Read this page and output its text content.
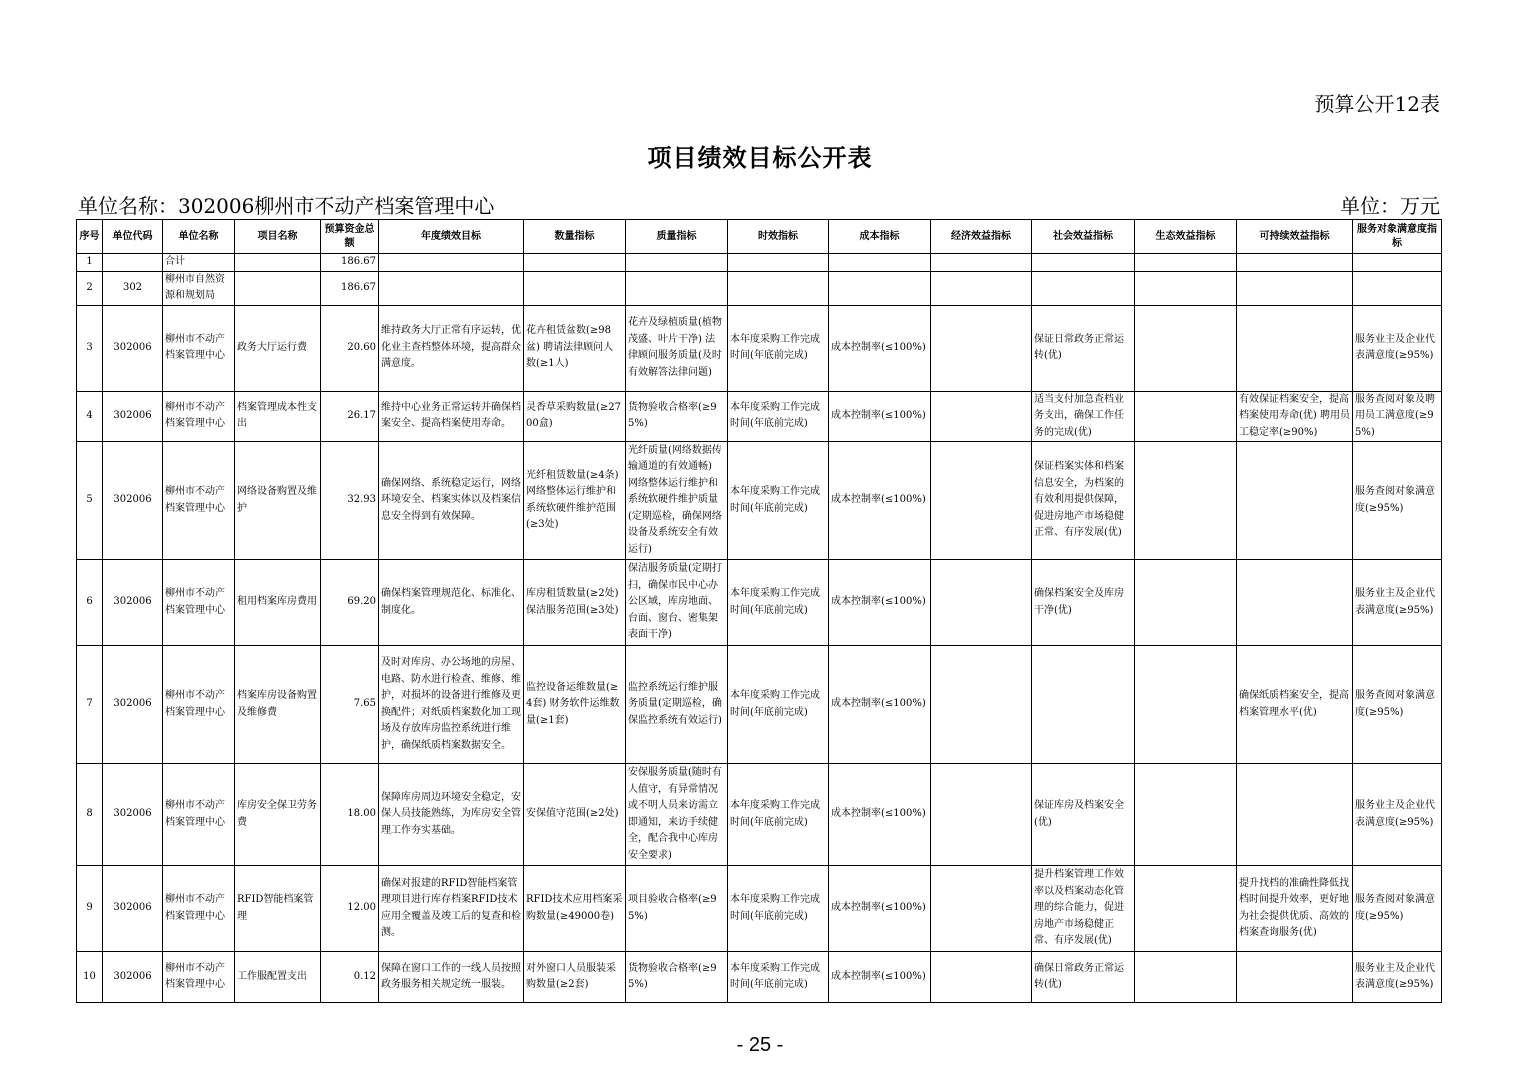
预算公开12表
项目绩效目标公开表
单位名称：302006柳州市不动产档案管理中心	单位：万元
序号	单位代码	单位名称	项目名称	预算资金总额	年度绩效目标	数量指标	质量指标	时效指标	成本指标	经济效益指标	社会效益指标	生态效益指标	可持续效益指标	服务对象满意度指标
1		合计		186.67										
2	302	柳州市自然资源和规划局		186.67										
3	302006	柳州市不动产档案管理中心	政务大厅运行费	20.60	维持政务大厅正常有序运转，优化业主查档整体环境，提高群众满意度。	花卉租赁盆数(≥98盆) 聘请法律顾问人数(≥1人)	花卉及绿植质量(植物茂盛、叶片干净) 法律顾问服务质量(及时有效解答法律问题)	本年度采购工作完成时间(年底前完成)	成本控制率(≤100%)		保证日常政务正常运转(优)			服务业主及企业代表满意度(≥95%)
4	302006	柳州市不动产档案管理中心	档案管理成本性支出	26.17	维持中心业务正常运转并确保档案安全、提高档案使用寿命。	灵香草采购数量(≥2700盒)	货物验收合格率(≥95%)	本年度采购工作完成时间(年底前完成)	成本控制率(≤100%)		适当支付加急查档业务支出，确保工作任务的完成(优)		有效保证档案安全，提高档案使用寿命(优) 聘用员工稳定率(≥90%)	服务查阅对象及聘用员工满意度(≥95%)
5	302006	柳州市不动产档案管理中心	网络设备购置及维护	32.93	确保网络、系统稳定运行，网络环境安全、档案实体以及档案信息安全得到有效保障。	光纤租赁数量(≥4条) 网络整体运行维护和系统软硬件维护范围(≥3处)	光纤质量(网络数据传输通道的有效通畅) 网络整体运行维护和系统软硬件维护质量(定期巡检，确保网络设备及系统安全有效运行)	本年度采购工作完成时间(年底前完成)	成本控制率(≤100%)		保证档案实体和档案信息安全，为档案的有效利用提供保障，促进房地产市场稳健正常、有序发展(优)			服务查阅对象满意度(≥95%)
6	302006	柳州市不动产档案管理中心	租用档案库房费用	69.20	确保档案管理规范化、标准化、制度化。	库房租赁数量(≥2处) 保洁服务范围(≥3处)	保洁服务质量(定期打扫，确保市民中心办公区域，库房地面、台面、窗台、密集架表面干净)	本年度采购工作完成时间(年底前完成)	成本控制率(≤100%)		确保档案安全及库房干净(优)			服务业主及企业代表满意度(≥95%)
7	302006	柳州市不动产档案管理中心	档案库房设备购置及维修费	7.65	及时对库房、办公场地的房屋、电路、防水进行检查、维修、维护，对损坏的设备进行维修及更换配件；对纸质档案数化加工现场及存放库房监控系统进行维护，确保纸质档案数据安全。	监控设备运维数量(≥4套) 财务软件运维数量(≥1套)	监控系统运行维护服务质量(定期巡检，确保监控系统有效运行)	本年度采购工作完成时间(年底前完成)	成本控制率(≤100%)				确保纸质档案安全，提高档案管理水平(优)	服务查阅对象满意度(≥95%)
8	302006	柳州市不动产档案管理中心	库房安全保卫劳务费	18.00	保障库房周边环境安全稳定，安保人员技能熟练，为库房安全管理工作夯实基础。	安保值守范围(≥2处)	安保服务质量(随时有人值守，有异常情况或不明人员来访需立即通知，来访手续健全，配合我中心库房安全要求)	本年度采购工作完成时间(年底前完成)	成本控制率(≤100%)		保证库房及档案安全(优)			服务业主及企业代表满意度(≥95%)
9	302006	柳州市不动产档案管理中心	RFID智能档案管理	12.00	确保对报建的RFID智能档案管理项目进行库存档案RFID技术应用全覆盖及竣工后的复查和检测。	RFID技术应用档案采购数量(≥49000卷)	项目验收合格率(≥95%)	本年度采购工作完成时间(年底前完成)	成本控制率(≤100%)		提升档案管理工作效率以及档案动态化管理的综合能力，促进房地产市场稳健正常、有序发展(优)		提升找档的准确性降低找档时间提升效率，更好地为社会提供优质、高效的档案查询服务(优)	服务查阅对象满意度(≥95%)
10	302006	柳州市不动产档案管理中心	工作服配置支出	0.12	保障在窗口工作的一线人员按照政务服务相关规定统一服装。	对外窗口人员服装采购数量(≥2套)	货物验收合格率(≥95%)	本年度采购工作完成时间(年底前完成)	成本控制率(≤100%)		确保日常政务正常运转(优)			服务业主及企业代表满意度(≥95%)
- 25 -
